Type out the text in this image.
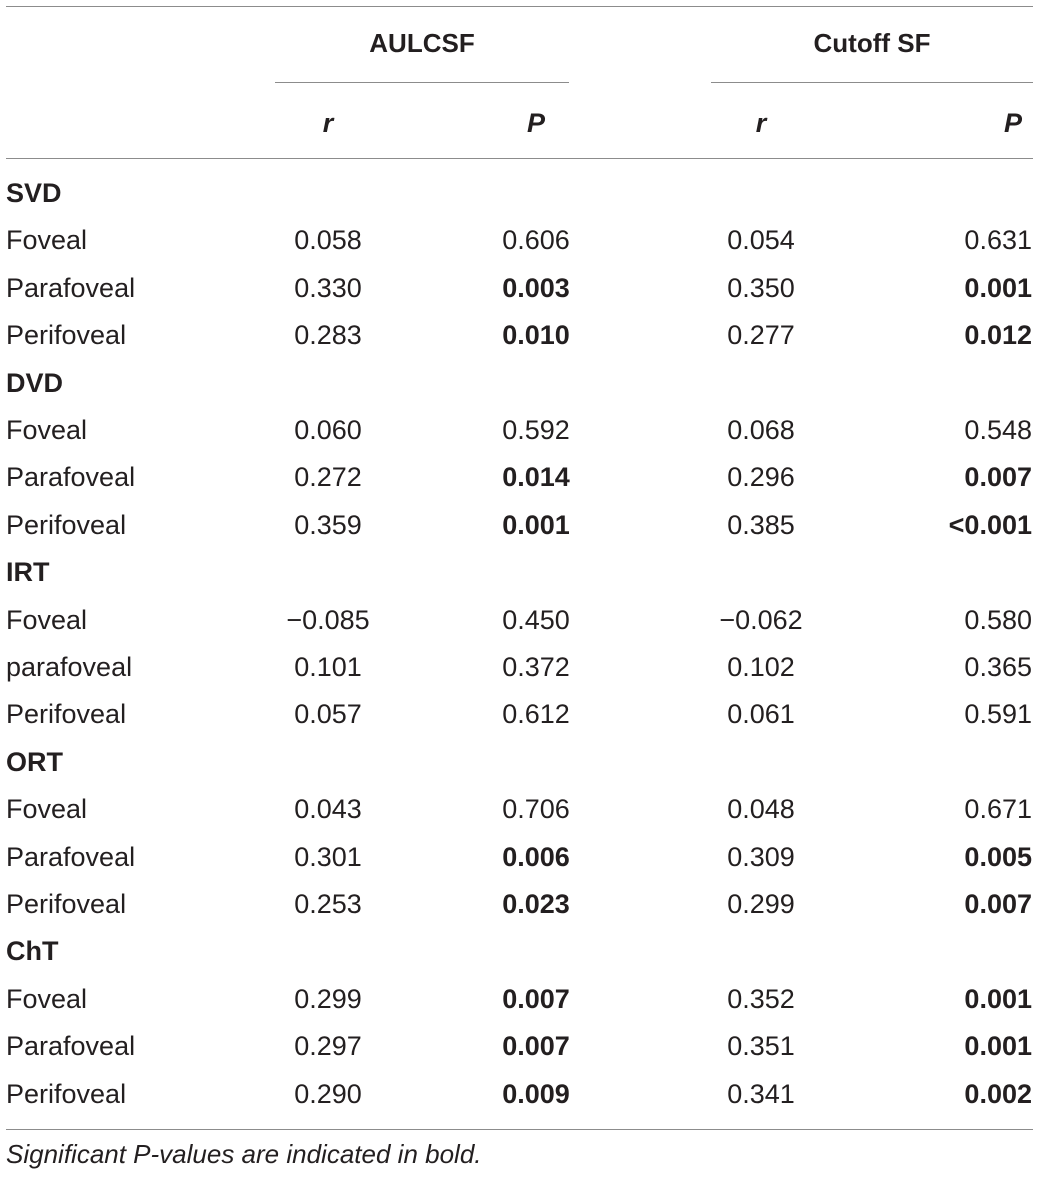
AULCSF	Cutoff SF
r	P	r	P
SVD
Foveal	0.058	0.606	0.054	0.631
Parafoveal	0.330	0.003	0.350	0.001
Perifoveal	0.283	0.010	0.277	0.012
DVD
Foveal	0.060	0.592	0.068	0.548
Parafoveal	0.272	0.014	0.296	0.007
Perifoveal	0.359	0.001	0.385	<0.001
IRT
Foveal	−0.085	0.450	−0.062	0.580
parafoveal	0.101	0.372	0.102	0.365
Perifoveal	0.057	0.612	0.061	0.591
ORT
Foveal	0.043	0.706	0.048	0.671
Parafoveal	0.301	0.006	0.309	0.005
Perifoveal	0.253	0.023	0.299	0.007
ChT
Foveal	0.299	0.007	0.352	0.001
Parafoveal	0.297	0.007	0.351	0.001
Perifoveal	0.290	0.009	0.341	0.002
Significant P-values are indicated in bold.
